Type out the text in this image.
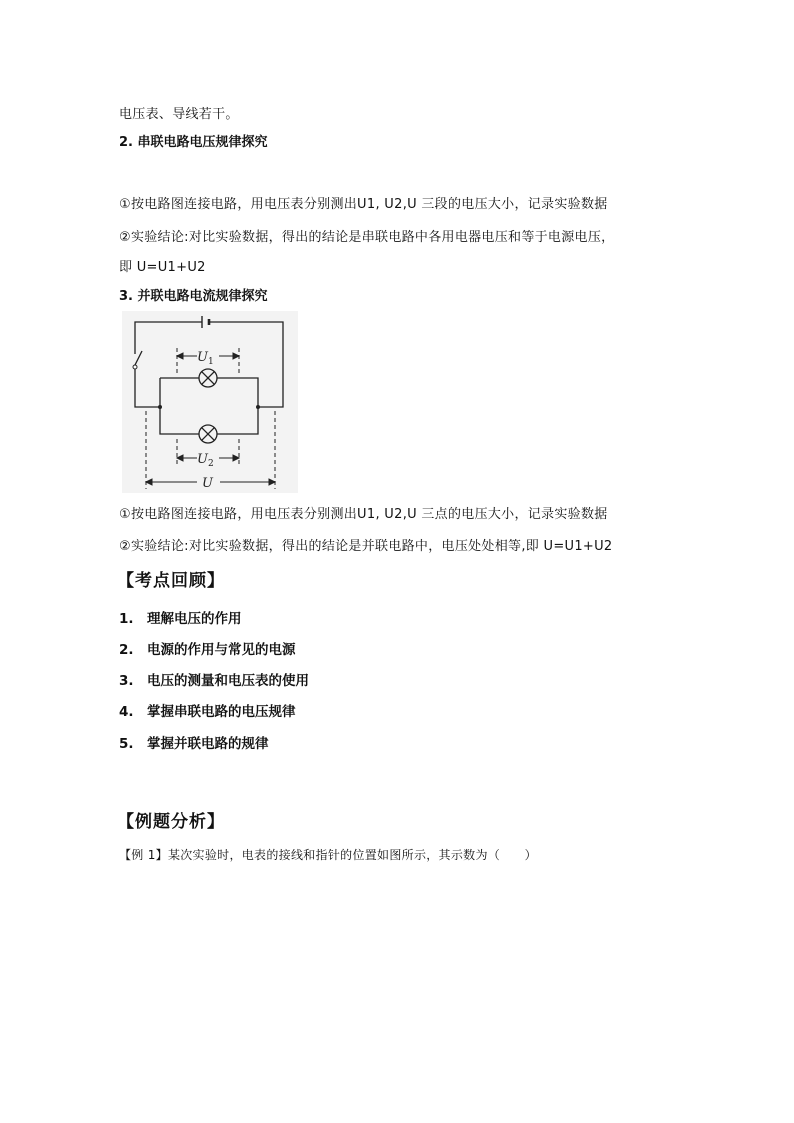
电压表、导线若干。
2. 串联电路电压规律探究
①按电路图连接电路，用电压表分别测出U1, U2,U 三段的电压大小，记录实验数据
②实验结论:对比实验数据，得出的结论是串联电路中各用电器电压和等于电源电压，
即 U=U1+U2
3. 并联电路电流规律探究
$U_1$
$U_2$
U
①按电路图连接电路，用电压表分别测出U1, U2,U 三点的电压大小，记录实验数据
②实验结论:对比实验数据，得出的结论是并联电路中，电压处处相等,即 U=U1+U2
【考点回顾】
1. 理解电压的作用
2. 电源的作用与常见的电源
3. 电压的测量和电压表的使用
4. 掌握串联电路的电压规律
5. 掌握并联电路的规律
【例题分析】
【例 1】某次实验时，电表的接线和指针的位置如图所示，其示数为（　　）
